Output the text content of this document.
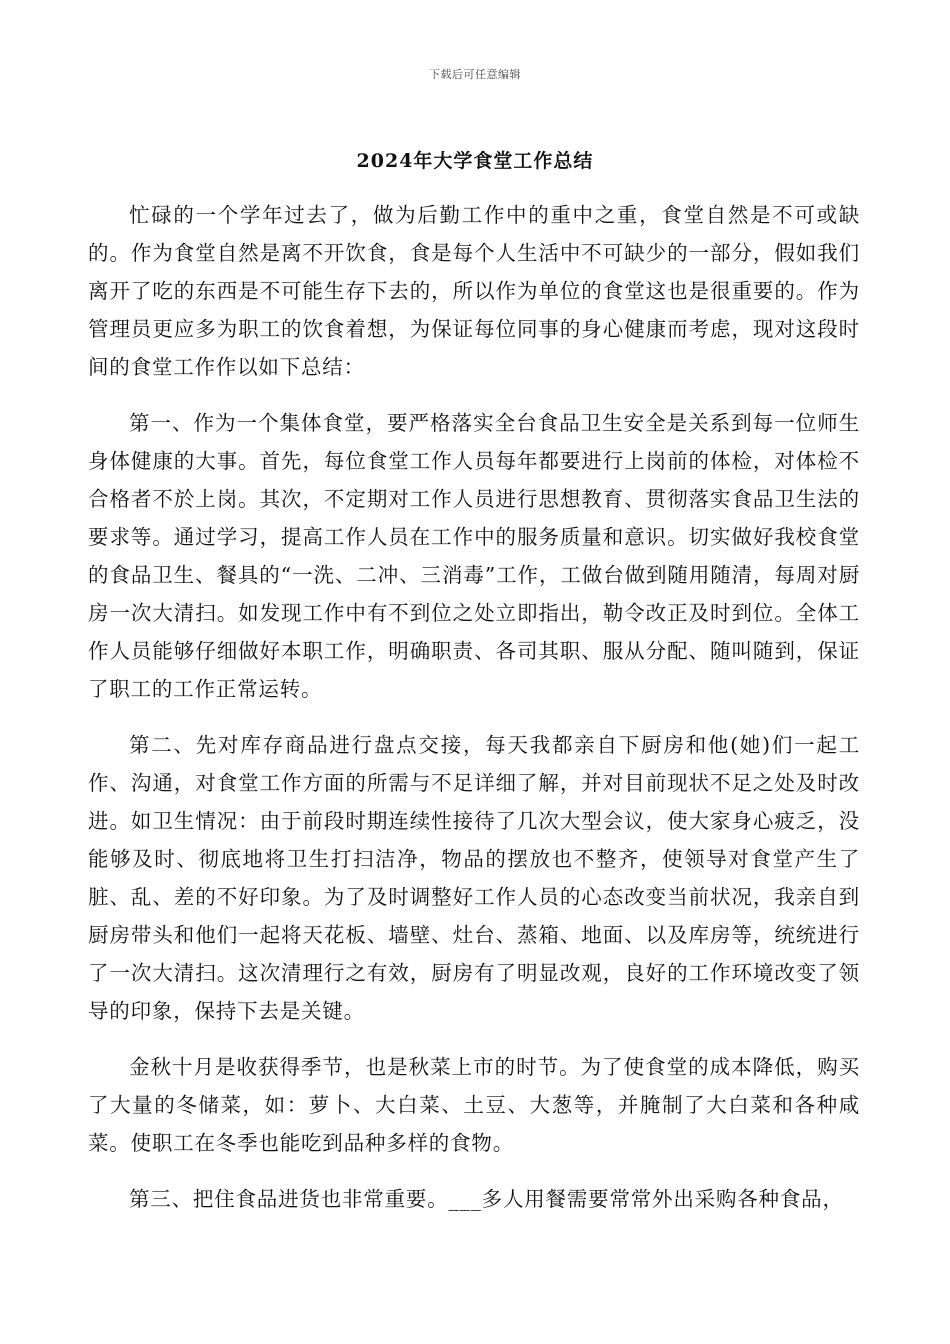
下载后可任意编辑
2024年大学食堂工作总结

忙碌的一个学年过去了，做为后勤工作中的重中之重，食堂自然是不可或缺的。作为食堂自然是离不开饮食，食是每个人生活中不可缺少的一部分，假如我们离开了吃的东西是不可能生存下去的，所以作为单位的食堂这也是很重要的。作为管理员更应多为职工的饮食着想，为保证每位同事的身心健康而考虑，现对这段时间的食堂工作作以如下总结：

第一、作为一个集体食堂，要严格落实全台食品卫生安全是关系到每一位师生身体健康的大事。首先，每位食堂工作人员每年都要进行上岗前的体检，对体检不合格者不於上岗。其次，不定期对工作人员进行思想教育、贯彻落实食品卫生法的要求等。通过学习，提高工作人员在工作中的服务质量和意识。切实做好我校食堂的食品卫生、餐具的“一洗、二冲、三消毒”工作，工做台做到随用随清，每周对厨房一次大清扫。如发现工作中有不到位之处立即指出，勒令改正及时到位。全体工作人员能够仔细做好本职工作，明确职责、各司其职、服从分配、随叫随到，保证了职工的工作正常运转。

第二、先对库存商品进行盘点交接，每天我都亲自下厨房和他(她)们一起工作、沟通，对食堂工作方面的所需与不足详细了解，并对目前现状不足之处及时改进。如卫生情况：由于前段时期连续性接待了几次大型会议，使大家身心疲乏，没能够及时、彻底地将卫生打扫洁净，物品的摆放也不整齐，使领导对食堂产生了脏、乱、差的不好印象。为了及时调整好工作人员的心态改变当前状况，我亲自到厨房带头和他们一起将天花板、墙壁、灶台、蒸箱、地面、以及库房等，统统进行了一次大清扫。这次清理行之有效，厨房有了明显改观，良好的工作环境改变了领导的印象，保持下去是关键。

金秋十月是收获得季节，也是秋菜上市的时节。为了使食堂的成本降低，购买了大量的冬储菜，如：萝卜、大白菜、土豆、大葱等，并腌制了大白菜和各种咸菜。使职工在冬季也能吃到品种多样的食物。

第三、把住食品进货也非常重要。___多人用餐需要常常外出采购各种食品，
